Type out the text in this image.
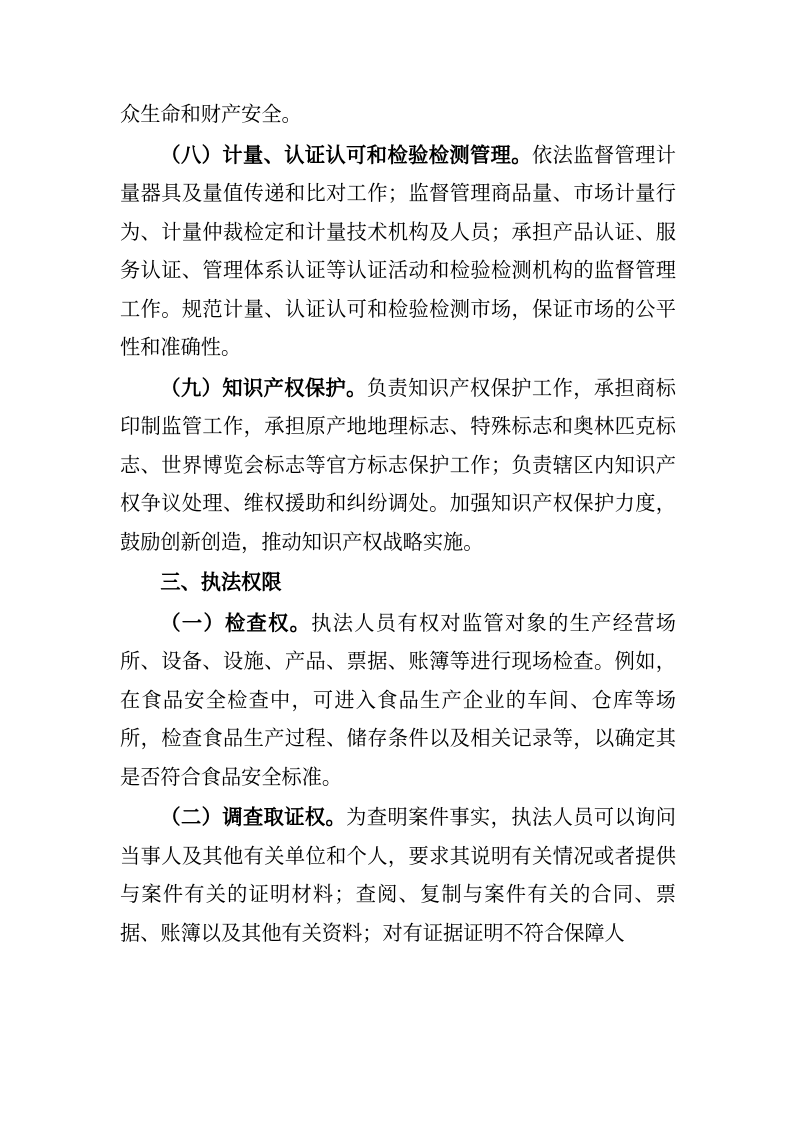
众生命和财产安全。

（八）计量、认证认可和检验检测管理。依法监督管理计量器具及量值传递和比对工作；监督管理商品量、市场计量行为、计量仲裁检定和计量技术机构及人员；承担产品认证、服务认证、管理体系认证等认证活动和检验检测机构的监督管理工作。规范计量、认证认可和检验检测市场，保证市场的公平性和准确性。

（九）知识产权保护。负责知识产权保护工作，承担商标印制监管工作，承担原产地地理标志、特殊标志和奥林匹克标志、世界博览会标志等官方标志保护工作；负责辖区内知识产权争议处理、维权援助和纠纷调处。加强知识产权保护力度，鼓励创新创造，推动知识产权战略实施。

三、执法权限

（一）检查权。执法人员有权对监管对象的生产经营场所、设备、设施、产品、票据、账簿等进行现场检查。例如，在食品安全检查中，可进入食品生产企业的车间、仓库等场所，检查食品生产过程、储存条件以及相关记录等，以确定其是否符合食品安全标准。

（二）调查取证权。为查明案件事实，执法人员可以询问当事人及其他有关单位和个人，要求其说明有关情况或者提供与案件有关的证明材料；查阅、复制与案件有关的合同、票据、账簿以及其他有关资料；对有证据证明不符合保障人
